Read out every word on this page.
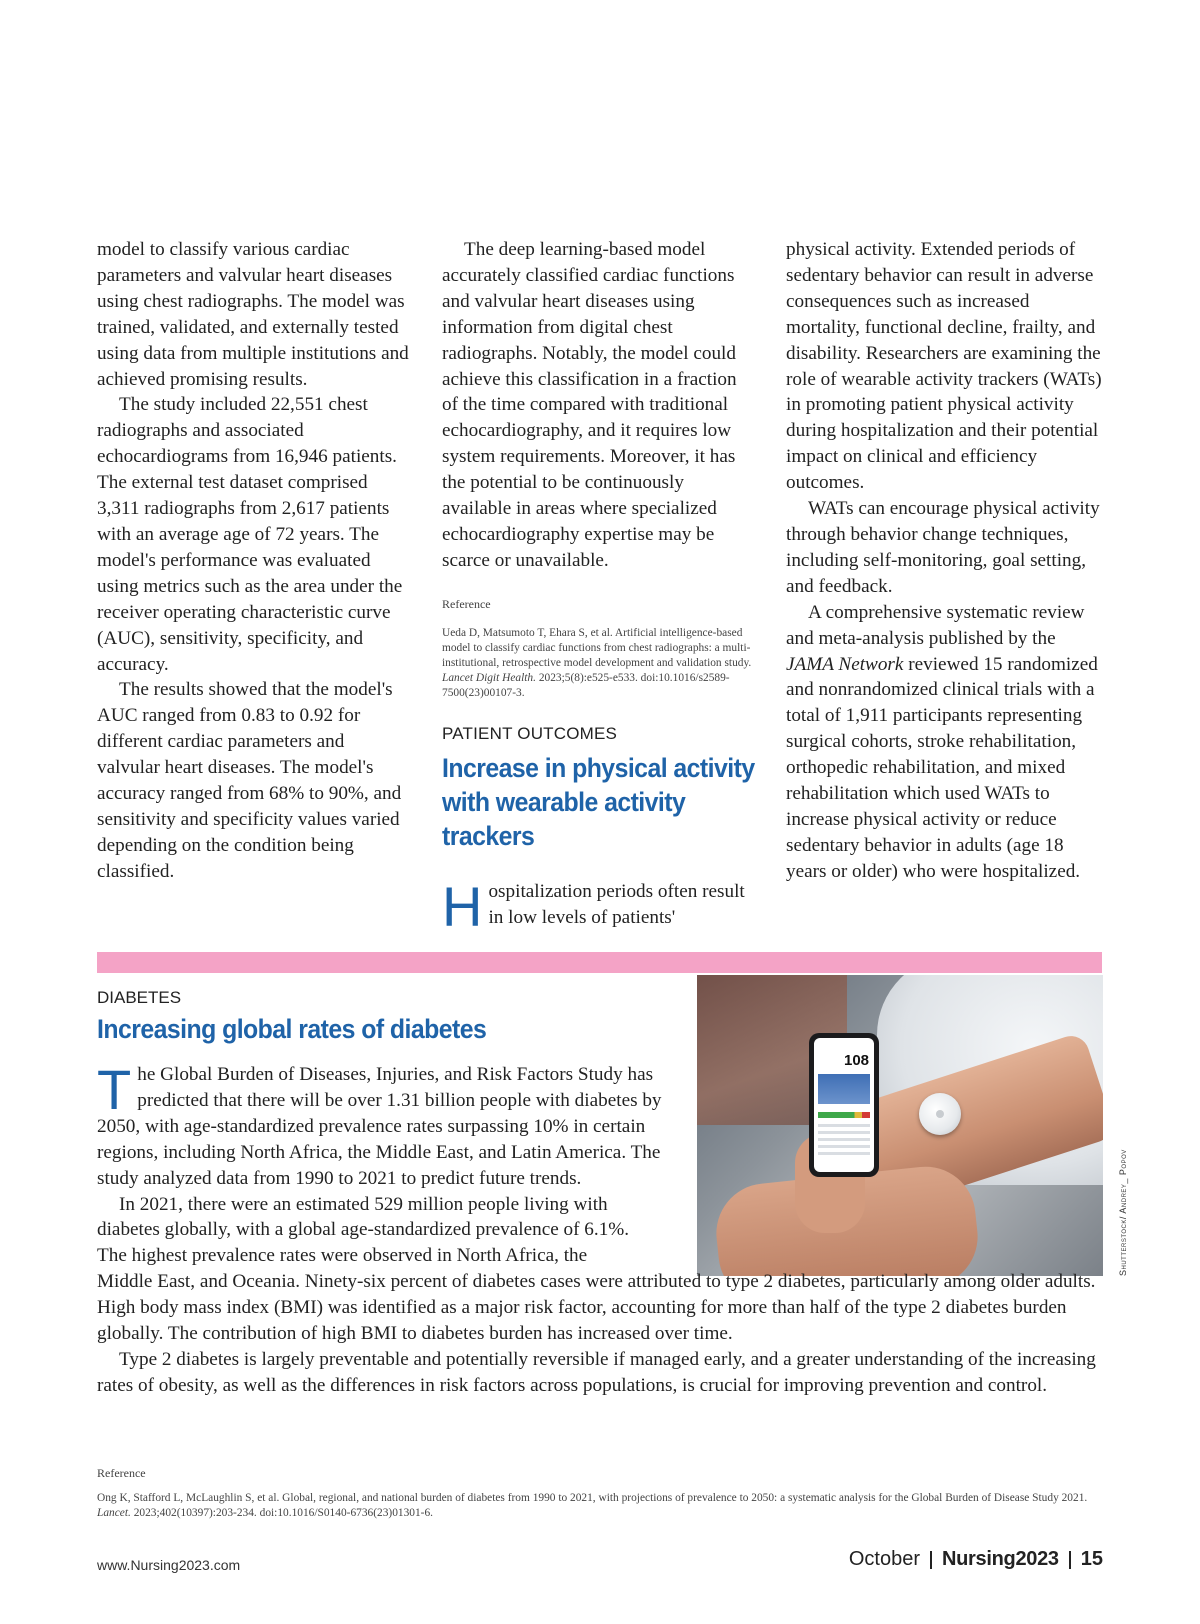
model to classify various cardiac parameters and valvular heart diseases using chest radiographs. The model was trained, validated, and externally tested using data from multiple institutions and achieved promising results.

The study included 22,551 chest radiographs and associated echocardiograms from 16,946 patients. The external test dataset comprised 3,311 radiographs from 2,617 patients with an average age of 72 years. The model's performance was evaluated using metrics such as the area under the receiver operating characteristic curve (AUC), sensitivity, specificity, and accuracy.

The results showed that the model's AUC ranged from 0.83 to 0.92 for different cardiac parameters and valvular heart diseases. The model's accuracy ranged from 68% to 90%, and sensitivity and specificity values varied depending on the condition being classified.

The deep learning-based model accurately classified cardiac functions and valvular heart diseases using information from digital chest radiographs. Notably, the model could achieve this classification in a fraction of the time compared with traditional echocardiography, and it requires low system requirements. Moreover, it has the potential to be continuously available in areas where specialized echocardiography expertise may be scarce or unavailable.

Reference
Ueda D, Matsumoto T, Ehara S, et al. Artificial intelligence-based model to classify cardiac functions from chest radiographs: a multi-institutional, retrospective model development and validation study. Lancet Digit Health. 2023;5(8):e525-e533. doi:10.1016/s2589-7500(23)00107-3.
PATIENT OUTCOMES
Increase in physical activity with wearable activity trackers

Hospitalization periods often result in low levels of patients'

physical activity. Extended periods of sedentary behavior can result in adverse consequences such as increased mortality, functional decline, frailty, and disability. Researchers are examining the role of wearable activity trackers (WATs) in promoting patient physical activity during hospitalization and their potential impact on clinical and efficiency outcomes.

WATs can encourage physical activity through behavior change techniques, including self-monitoring, goal setting, and feedback.

A comprehensive systematic review and meta-analysis published by the JAMA Network reviewed 15 randomized and nonrandomized clinical trials with a total of 1,911 participants representing surgical cohorts, stroke rehabilitation, orthopedic rehabilitation, and mixed rehabilitation which used WATs to increase physical activity or reduce sedentary behavior in adults (age 18 years or older) who were hospitalized.

108
Shutterstock/ Andrey_ Popov
DIABETES
Increasing global rates of diabetes

The Global Burden of Diseases, Injuries, and Risk Factors Study has predicted that there will be over 1.31 billion people with diabetes by 2050, with age-standardized prevalence rates surpassing 10% in certain regions, including North Africa, the Middle East, and Latin America. The study analyzed data from 1990 to 2021 to predict future trends.

In 2021, there were an estimated 529 million people living with diabetes globally, with a global age-standardized prevalence of 6.1%. The highest prevalence rates were observed in North Africa, the

Middle East, and Oceania. Ninety-six percent of diabetes cases were attributed to type 2 diabetes, particularly among older adults. High body mass index (BMI) was identified as a major risk factor, accounting for more than half of the type 2 diabetes burden globally. The contribution of high BMI to diabetes burden has increased over time.

Type 2 diabetes is largely preventable and potentially reversible if managed early, and a greater understanding of the increasing rates of obesity, as well as the differences in risk factors across populations, is crucial for improving prevention and control.

Reference
Ong K, Stafford L, McLaughlin S, et al. Global, regional, and national burden of diabetes from 1990 to 2021, with projections of prevalence to 2050: a systematic analysis for the Global Burden of Disease Study 2021. Lancet. 2023;402(10397):203-234. doi:10.1016/S0140-6736(23)01301-6.
www.Nursing2023.com	October Nursing2023 15
